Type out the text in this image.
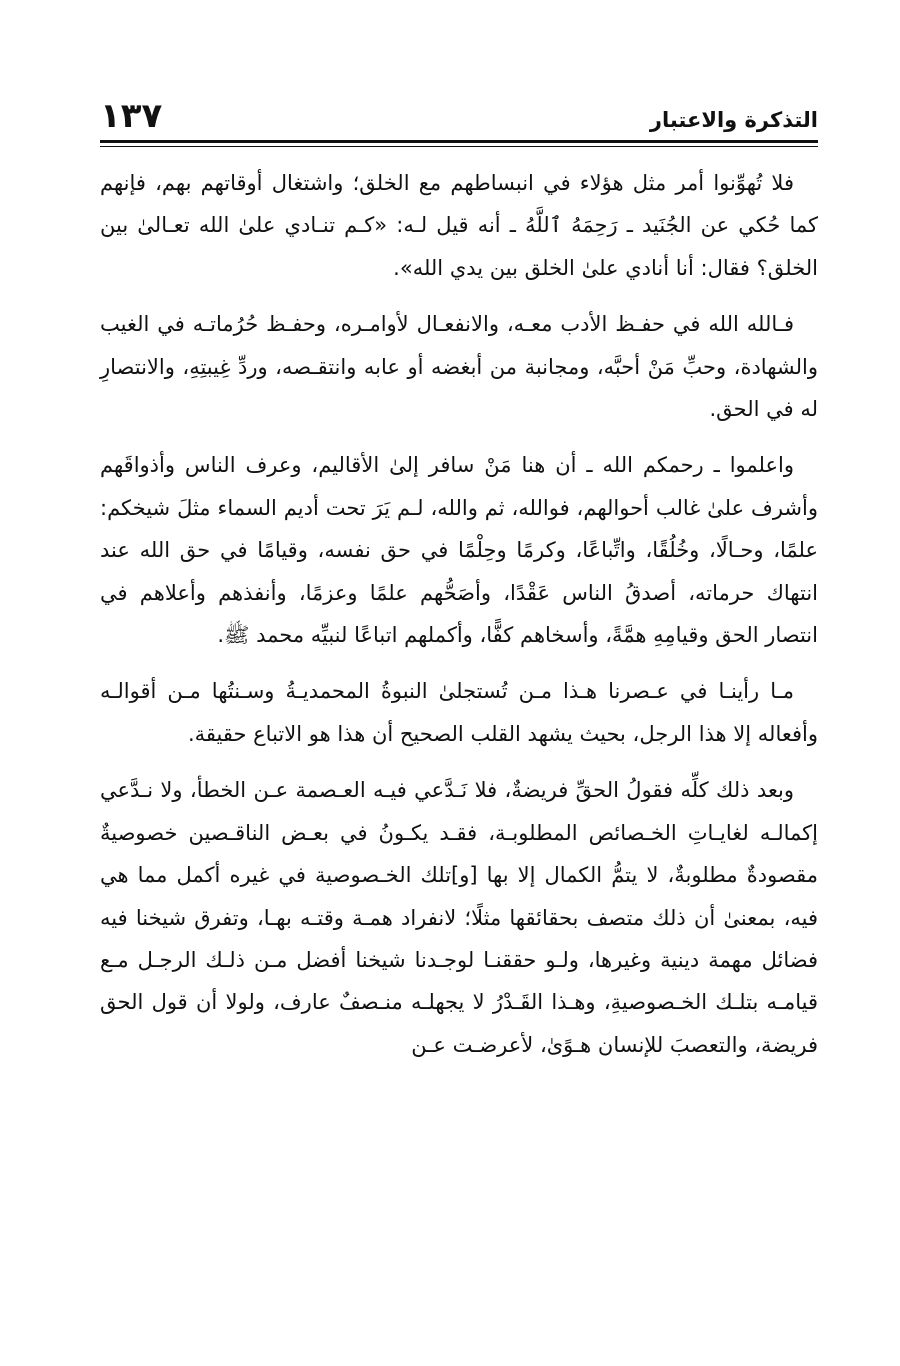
التذكرة والاعتبار
١٣٧

فلا تُهوِّنوا أمر مثل هؤلاء في انبساطهم مع الخلق؛ واشتغال أوقاتهم بهم، فإنهم كما حُكي عن الجُنَيد ـ رَحِمَهُ ٱللَّهُ ـ أنه قيل لـه: «كـم تنـادي علىٰ الله تعـالىٰ بين الخلق؟ فقال: أنا أنادي علىٰ الخلق بين يدي الله».

فـالله الله في حفـظ الأدب معـه، والانفعـال لأوامـره، وحفـظ حُرُماتـه في الغيب والشهادة، وحبِّ مَنْ أحبَّه، ومجانبة من أبغضه أو عابه وانتقـصه، وردِّ غِيبتِهِ، والانتصارِ له في الحق.

واعلموا ـ رحمكم الله ـ أن هنا مَنْ سافر إلىٰ الأقاليم، وعرف الناس وأذواقَهم وأشرف علىٰ غالب أحوالهم، فوالله، ثم والله، لـم يَرَ تحت أديم السماء مثلَ شيخكم: علمًا، وحـالًا، وخُلُقًا، واتِّباعًا، وكرمًا وحِلْمًا في حق نفسه، وقيامًا في حق الله عند انتهاك حرماته، أصدقُ الناس عَقْدًا، وأصَحُّهم علمًا وعزمًا، وأنفذهم وأعلاهم في انتصار الحق وقيامِهِ همَّةً، وأسخاهم كفًّا، وأكملهم اتباعًا لنبيِّه محمد ﷺ.

مـا رأينـا في عـصرنا هـذا مـن تُستجلىٰ النبوةُ المحمديـةُ وسـنتُها مـن أقوالـه وأفعاله إلا هذا الرجل، بحيث يشهد القلب الصحيح أن هذا هو الاتباع حقيقة.

وبعد ذلك كلِّه فقولُ الحقِّ فريضةٌ، فلا نَـدَّعي فيـه العـصمة عـن الخطأ، ولا نـدَّعي إكمالـه لغايـاتِ الخـصائص المطلوبـة، فقـد يكـونُ في بعـض الناقـصين خصوصيةٌ مقصودةٌ مطلوبةٌ، لا يتمُّ الكمال إلا بها [و]تلك الخـصوصية في غيره أكمل مما هي فيه، بمعنىٰ أن ذلك متصف بحقائقها مثلًا؛ لانفراد همـة وقتـه بهـا، وتفرق شيخنا فيه فضائل مهمة دينية وغيرها، ولـو حققنـا لوجـدنا شيخنا أفضل مـن ذلـك الرجـل مـع قيامـه بتلـك الخـصوصيةِ، وهـذا القَـدْرُ لا يجهلـه منـصفٌ عارف، ولولا أن قول الحق فريضة، والتعصبَ للإنسان هـوًىٰ، لأعرضـت عـن
